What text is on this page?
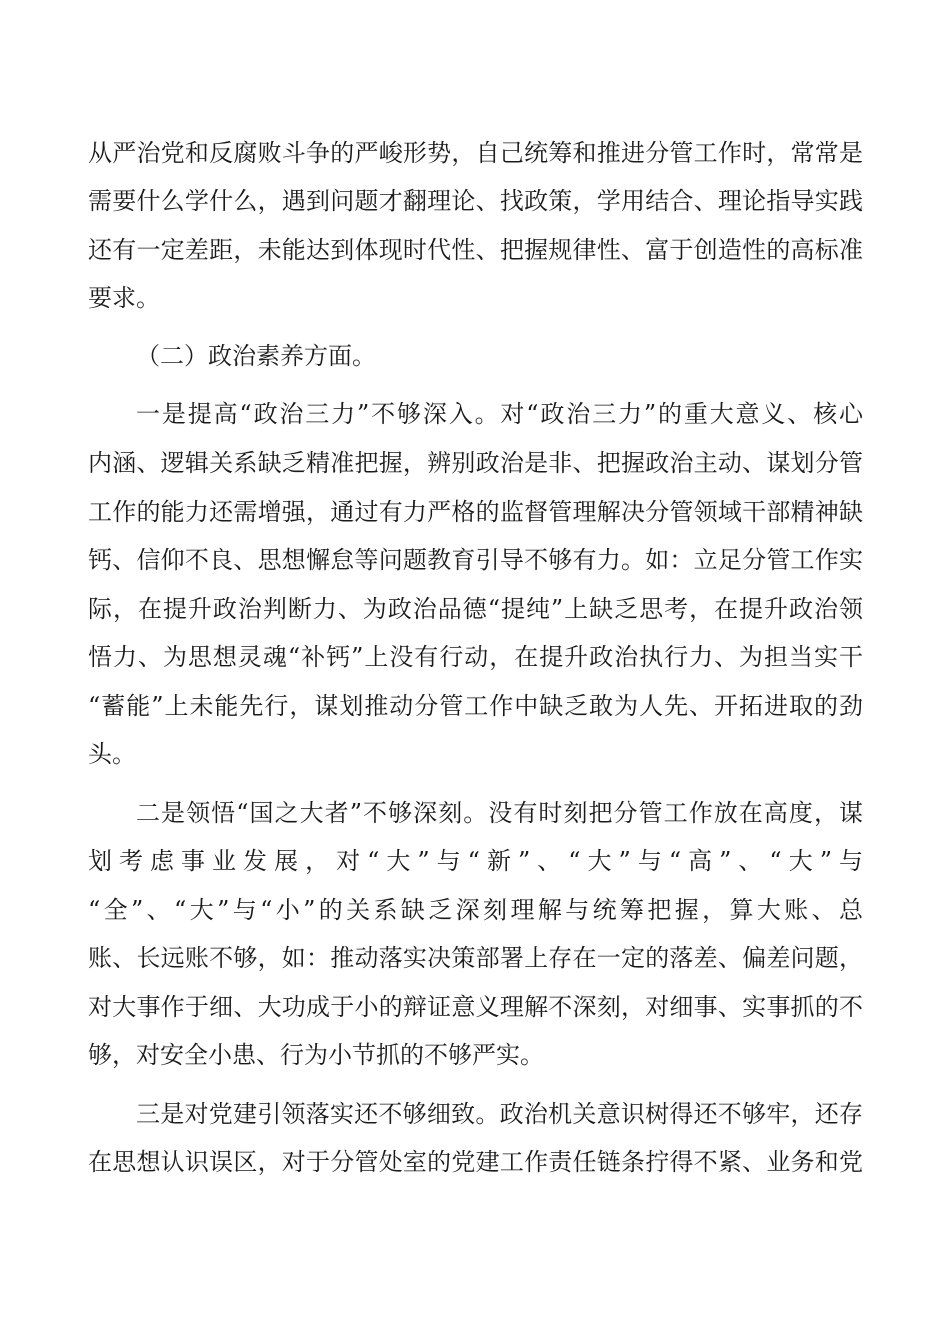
从严治党和反腐败斗争的严峻形势，自己统筹和推进分管工作时，常常是
需要什么学什么，遇到问题才翻理论、找政策，学用结合、理论指导实践
还有一定差距，未能达到体现时代性、把握规律性、富于创造性的高标准
要求。
（二）政治素养方面。
一是提高“政治三力”不够深入。对“政治三力”的重大意义、核心
内涵、逻辑关系缺乏精准把握，辨别政治是非、把握政治主动、谋划分管
工作的能力还需增强，通过有力严格的监督管理解决分管领域干部精神缺
钙、信仰不良、思想懈怠等问题教育引导不够有力。如：立足分管工作实
际，在提升政治判断力、为政治品德“提纯”上缺乏思考，在提升政治领
悟力、为思想灵魂“补钙”上没有行动，在提升政治执行力、为担当实干
“蓄能”上未能先行，谋划推动分管工作中缺乏敢为人先、开拓进取的劲
头。
二是领悟“国之大者”不够深刻。没有时刻把分管工作放在高度，谋
划考虑事业发展，对“大”与“新”、“大”与“高”、“大”与
“全”、“大”与“小”的关系缺乏深刻理解与统筹把握，算大账、总
账、长远账不够，如：推动落实决策部署上存在一定的落差、偏差问题，
对大事作于细、大功成于小的辩证意义理解不深刻，对细事、实事抓的不
够，对安全小患、行为小节抓的不够严实。
三是对党建引领落实还不够细致。政治机关意识树得还不够牢，还存
在思想认识误区，对于分管处室的党建工作责任链条拧得不紧、业务和党
